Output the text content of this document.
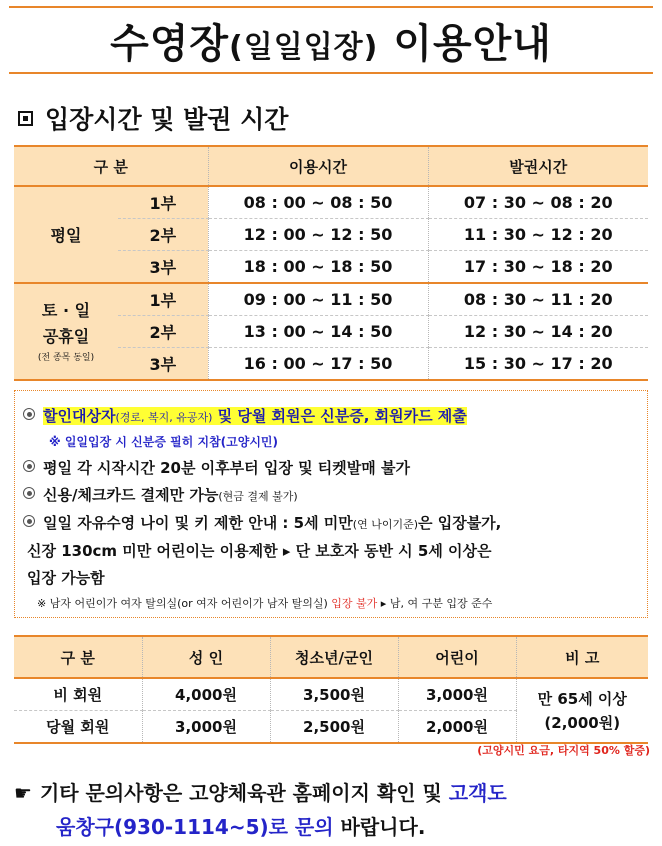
수영장(일일입장) 이용안내
입장시간 및 발권 시간
구 분		이용시간	발권시간
평일	1부	08 : 00 ~ 08 : 50	07 : 30 ~ 08 : 20
	2부	12 : 00 ~ 12 : 50	11 : 30 ~ 12 : 20
	3부	18 : 00 ~ 18 : 50	17 : 30 ~ 18 : 20

토 · 일
공휴일
(전 종목 동일)	1부	09 : 00 ~ 11 : 50	08 : 30 ~ 11 : 20
	2부	13 : 00 ~ 14 : 50	12 : 30 ~ 14 : 20
	3부	16 : 00 ~ 17 : 50	15 : 30 ~ 17 : 20
할인대상자(경로, 복지, 유공자) 및 당월 회원은 신분증, 회원카드 제출
※ 일일입장 시 신분증 필히 지참(고양시민)
평일 각 시작시간 20분 이후부터 입장 및 티켓발매 불가
신용/체크카드 결제만 가능(현금 결제 불가)
일일 자유수영 나이 및 키 제한 안내 : 5세 미만(연 나이기준)은 입장불가,
신장 130cm 미만 어린이는 이용제한 ▸ 단 보호자 동반 시 5세 이상은
입장 가능함
※ 남자 어린이가 여자 탈의실(or 여자 어린이가 남자 탈의실) 입장 불가 ▸ 남, 여 구분 입장 준수
구 분	성 인	청소년/군인	어린이	비 고
비 회원	4,000원	3,500원	3,000원	만 65세 이상
(2,000원)

당월 회원	3,000원	2,500원	2,000원	
(고양시민 요금, 타지역 50% 할증)
☛ 기타 문의사항은 고양체육관 홈페이지 확인 및 고객도
움창구(930-1114~5)로 문의 바랍니다.
